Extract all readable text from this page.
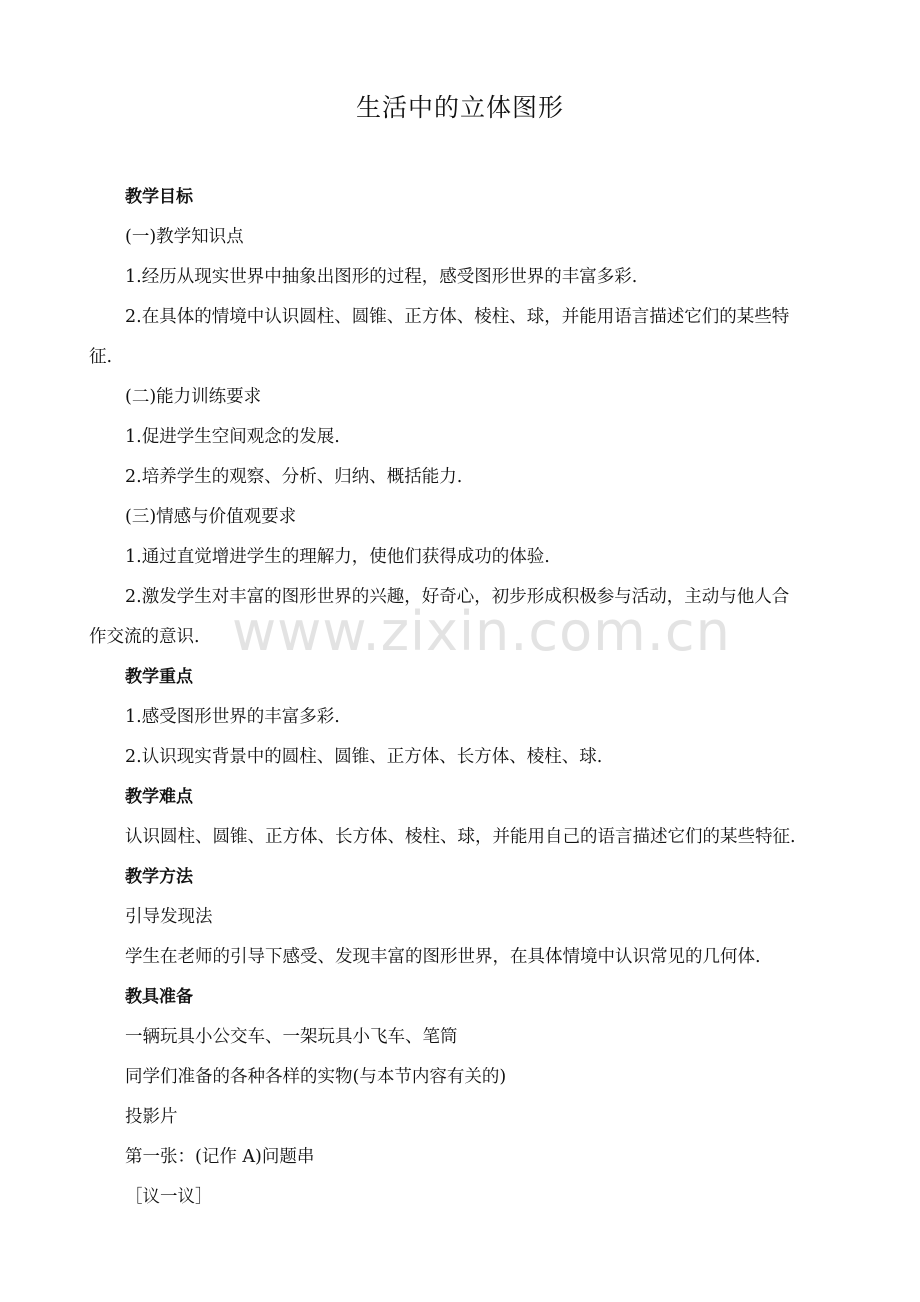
生活中的立体图形
教学目标
(一)教学知识点
1.经历从现实世界中抽象出图形的过程，感受图形世界的丰富多彩.
2.在具体的情境中认识圆柱、圆锥、正方体、棱柱、球，并能用语言描述它们的某些特
征.
(二)能力训练要求
1.促进学生空间观念的发展.
2.培养学生的观察、分析、归纳、概括能力.
(三)情感与价值观要求
1.通过直觉增进学生的理解力，使他们获得成功的体验.
2.激发学生对丰富的图形世界的兴趣，好奇心，初步形成积极参与活动，主动与他人合
作交流的意识.
教学重点
1.感受图形世界的丰富多彩.
2.认识现实背景中的圆柱、圆锥、正方体、长方体、棱柱、球.
教学难点
认识圆柱、圆锥、正方体、长方体、棱柱、球，并能用自己的语言描述它们的某些特征.
教学方法
引导发现法
学生在老师的引导下感受、发现丰富的图形世界，在具体情境中认识常见的几何体.
教具准备
一辆玩具小公交车、一架玩具小飞车、笔筒
同学们准备的各种各样的实物(与本节内容有关的)
投影片
第一张：(记作 A)问题串
［议一议］
www.zixin.com.cn
